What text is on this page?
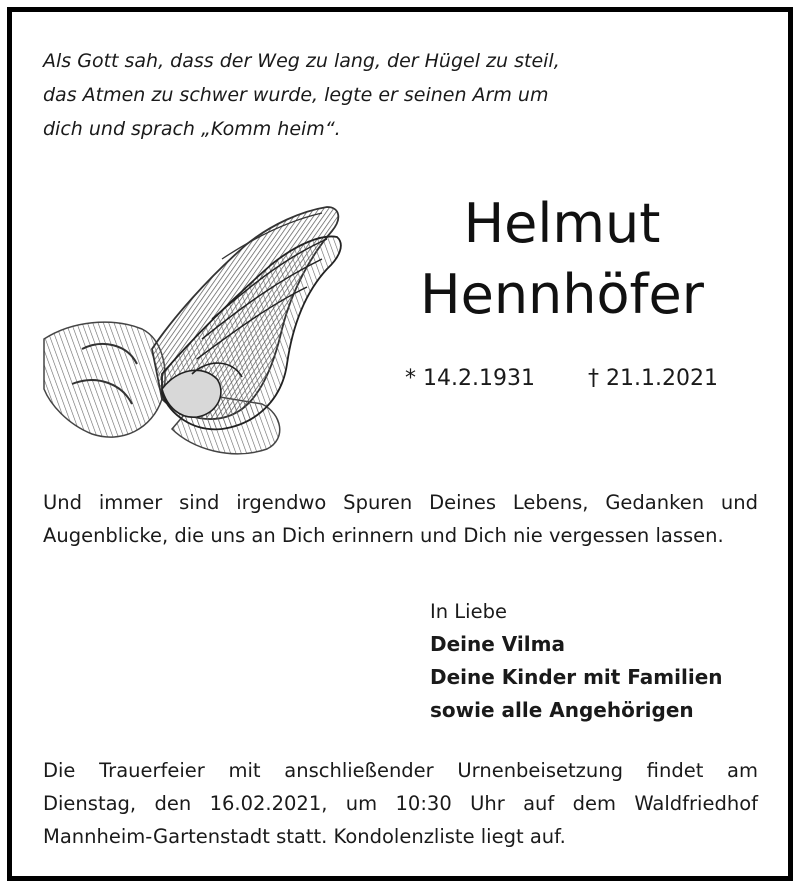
Als Gott sah, dass der Weg zu lang, der Hügel zu steil,
das Atmen zu schwer wurde, legte er seinen Arm um
dich und sprach „Komm heim“.
Helmut
Hennhöfer
* 14.2.1931 † 21.1.2021
Und immer sind irgendwo Spuren Deines Lebens, Gedanken und
Augenblicke, die uns an Dich erinnern und Dich nie vergessen lassen.
In Liebe
Deine Vilma
Deine Kinder mit Familien
sowie alle Angehörigen
Die Trauerfeier mit anschließender Urnenbeisetzung findet am
Dienstag, den 16.02.2021, um 10:30 Uhr auf dem Waldfriedhof
Mannheim-Gartenstadt statt. Kondolenzliste liegt auf.
